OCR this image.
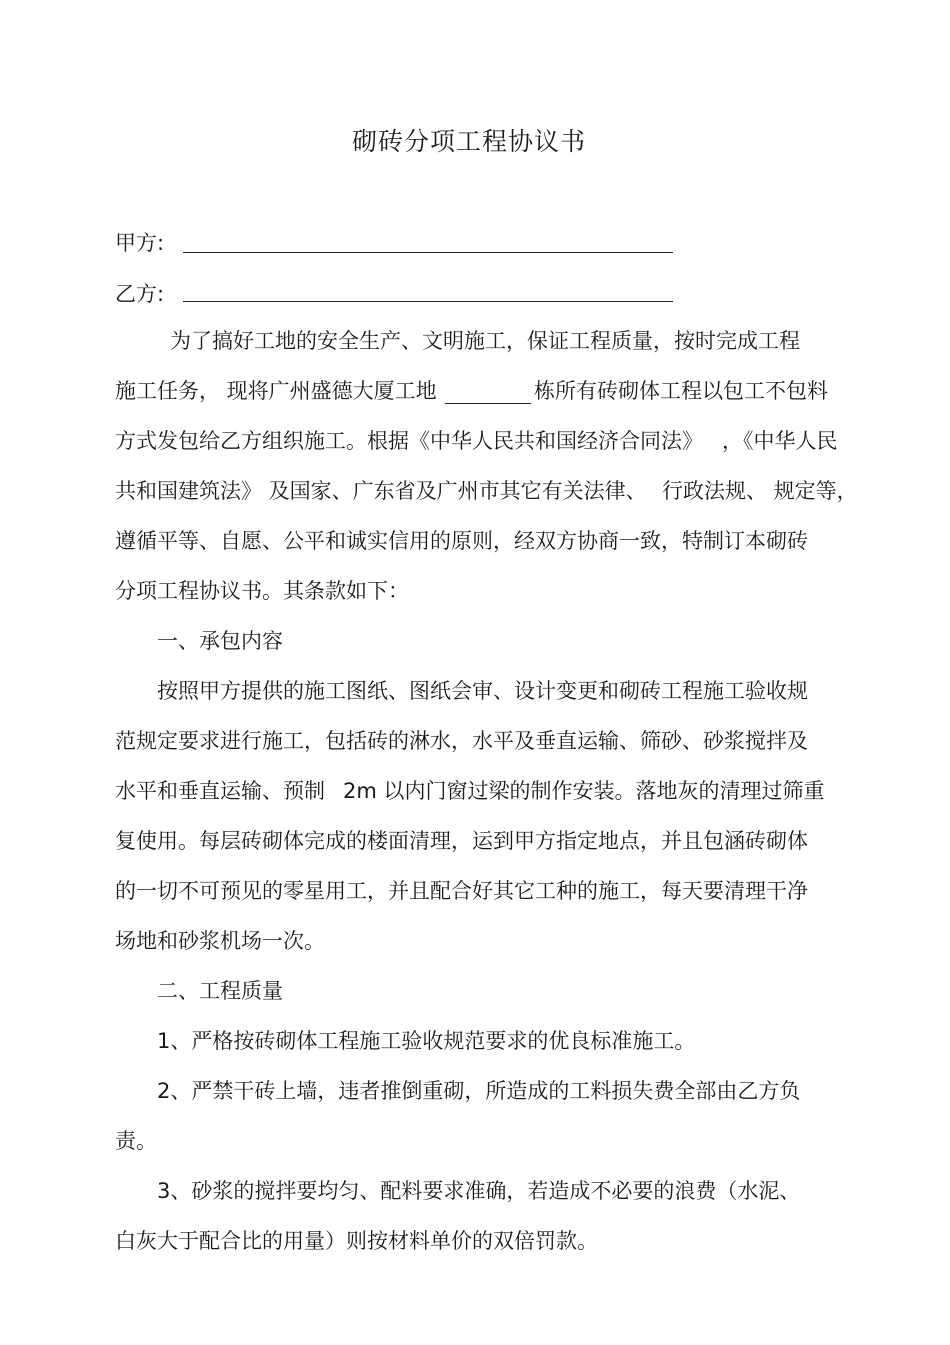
砌砖分项工程协议书
甲方:
乙方:
为了搞好工地的安全生产、文明施工，保证工程质量，按时完成工程
施工任务， 现将广州盛德大厦工地	栋所有砖砌体工程以包工不包料
方式发包给乙方组织施工。根据《中华人民共和国经济合同法》 ，《中华人民
共和国建筑法》 及国家、广东省及广州市其它有关法律、 行政法规、 规定等，
遵循平等、自愿、公平和诚实信用的原则，经双方协商一致，特制订本砌砖
分项工程协议书。其条款如下：
一、承包内容
按照甲方提供的施工图纸、图纸会审、设计变更和砌砖工程施工验收规
范规定要求进行施工，包括砖的淋水，水平及垂直运输、筛砂、砂浆搅拌及
水平和垂直运输、预制 2m 以内门窗过梁的制作安装。落地灰的清理过筛重
复使用。每层砖砌体完成的楼面清理，运到甲方指定地点，并且包涵砖砌体
的一切不可预见的零星用工，并且配合好其它工种的施工，每天要清理干净
场地和砂浆机场一次。
二、工程质量
1、严格按砖砌体工程施工验收规范要求的优良标准施工。
2、严禁干砖上墙，违者推倒重砌，所造成的工料损失费全部由乙方负
责。
3、砂浆的搅拌要均匀、配料要求准确，若造成不必要的浪费（水泥、
白灰大于配合比的用量）则按材料单价的双倍罚款。
